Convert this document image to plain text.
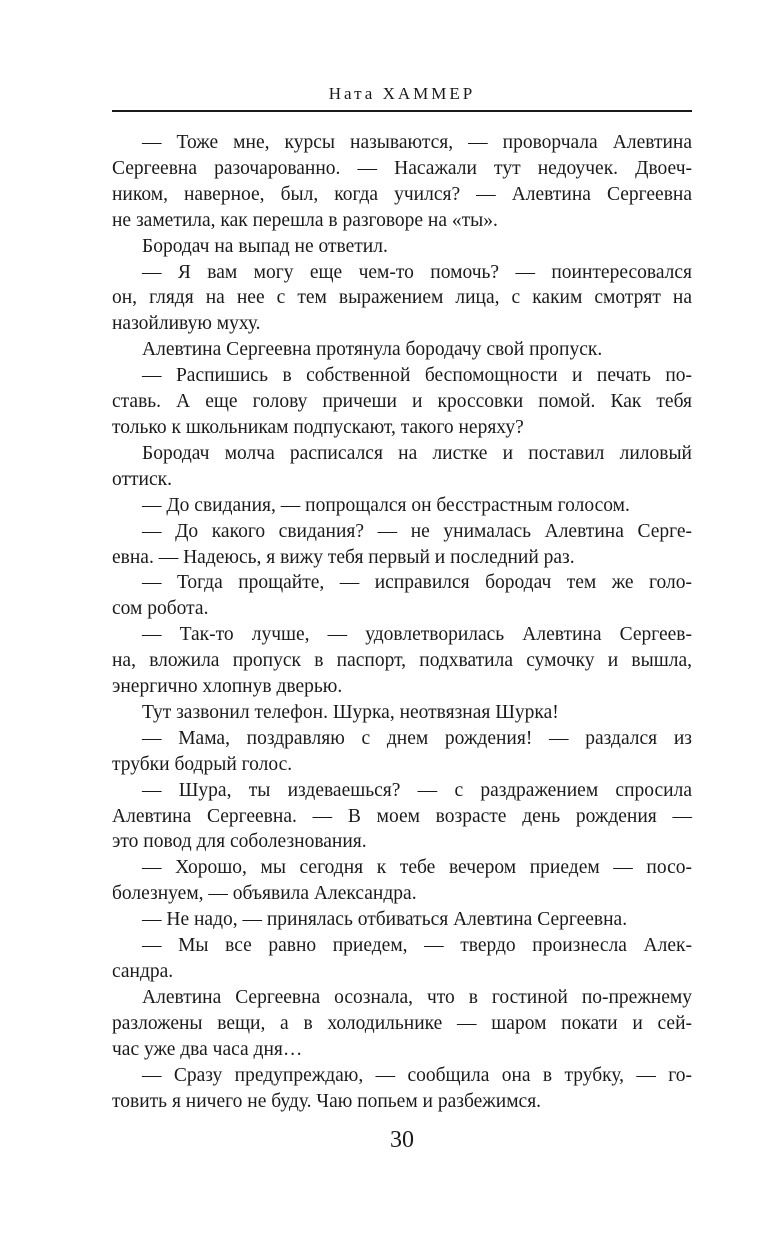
Ната ХАММЕР
— Тоже мне, курсы называются, — проворчала Алевтина
Сергеевна разочарованно. — Насажали тут недоучек. Двоеч-
ником, наверное, был, когда учился? — Алевтина Сергеевна
не заметила, как перешла в разговоре на «ты».
Бородач на выпад не ответил.
— Я вам могу еще чем-то помочь? — поинтересовался
он, глядя на нее с тем выражением лица, с каким смотрят на
назойливую муху.
Алевтина Сергеевна протянула бородачу свой пропуск.
— Распишись в собственной беспомощности и печать по-
ставь. А еще голову причеши и кроссовки помой. Как тебя
только к школьникам подпускают, такого неряху?
Бородач молча расписался на листке и поставил лиловый
оттиск.
— До свидания, — попрощался он бесстрастным голосом.
— До какого свидания? — не унималась Алевтина Серге-
евна. — Надеюсь, я вижу тебя первый и последний раз.
— Тогда прощайте, — исправился бородач тем же голо-
сом робота.
— Так-то лучше, — удовлетворилась Алевтина Сергеев-
на, вложила пропуск в паспорт, подхватила сумочку и вышла,
энергично хлопнув дверью.
Тут зазвонил телефон. Шурка, неотвязная Шурка!
— Мама, поздравляю с днем рождения! — раздался из
трубки бодрый голос.
— Шура, ты издеваешься? — с раздражением спросила
Алевтина Сергеевна. — В моем возрасте день рождения —
это повод для соболезнования.
— Хорошо, мы сегодня к тебе вечером приедем — посо-
болезнуем, — объявила Александра.
— Не надо, — принялась отбиваться Алевтина Сергеевна.
— Мы все равно приедем, — твердо произнесла Алек-
сандра.
Алевтина Сергеевна осознала, что в гостиной по-прежнему
разложены вещи, а в холодильнике — шаром покати и сей-
час уже два часа дня…
— Сразу предупреждаю, — сообщила она в трубку, — го-
товить я ничего не буду. Чаю попьем и разбежимся.
30
